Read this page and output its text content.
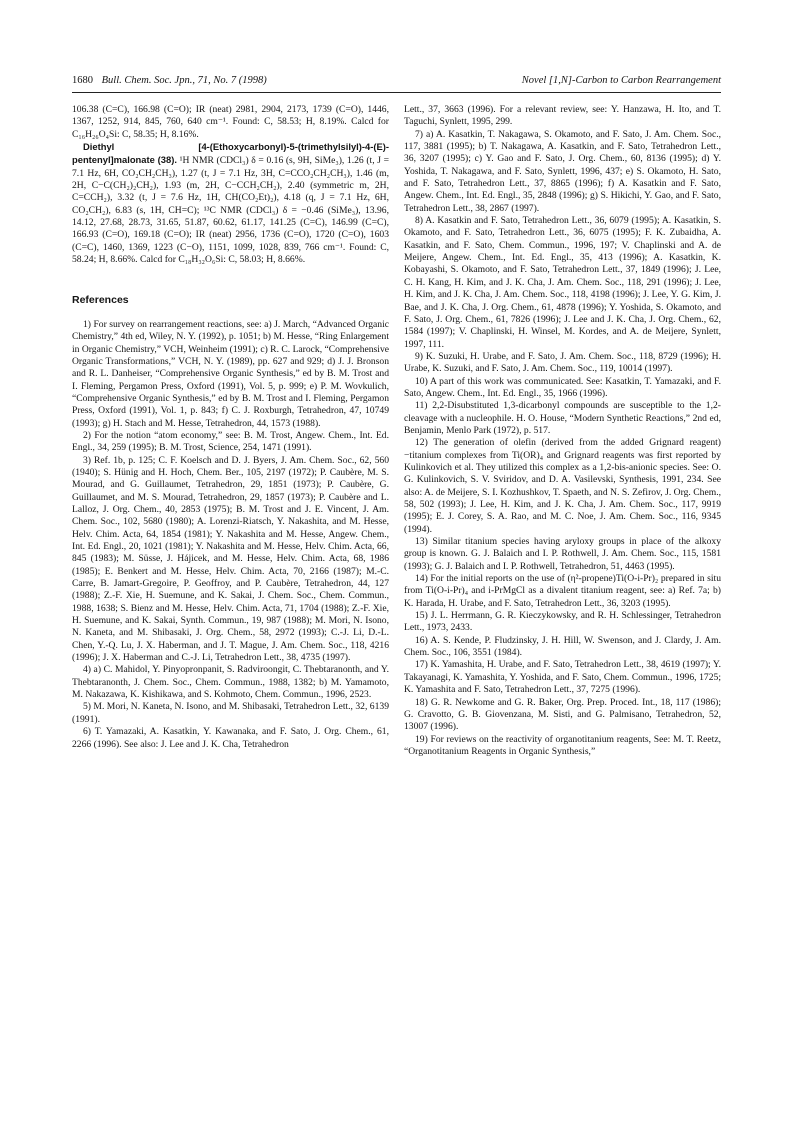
1680 Bull. Chem. Soc. Jpn., 71, No. 7 (1998)	Novel [1,N]-Carbon to Carbon Rearrangement

106.38 (C=C), 166.98 (C=O); IR (neat) 2981, 2904, 2173, 1739 (C=O), 1446, 1367, 1252, 914, 845, 760, 640 cm⁻¹. Found: C, 58.53; H, 8.19%. Calcd for C₁₆H₂₆O₄Si: C, 58.35; H, 8.16%.

Diethyl [4-(Ethoxycarbonyl)-5-(trimethylsilyl)-4-(E)-pentenyl]malonate (38). ¹H NMR (CDCl₃) δ = 0.16 (s, 9H, SiMe₃), 1.26 (t, J = 7.1 Hz, 6H, CO₂CH₂CH₃), 1.27 (t, J = 7.1 Hz, 3H, C=CCO₂CH₂CH₃), 1.46 (m, 2H, C−C(CH₂)₂CH₂), 1.93 (m, 2H, C−CCH₂CH₂), 2.40 (symmetric m, 2H, C=CCH₂), 3.32 (t, J = 7.6 Hz, 1H, CH(CO₂Et)₂), 4.18 (q, J = 7.1 Hz, 6H, CO₂CH₂), 6.83 (s, 1H, CH=C); ¹³C NMR (CDCl₃) δ = −0.46 (SiMe₃), 13.96, 14.12, 27.68, 28.73, 31.65, 51.87, 60.62, 61.17, 141.25 (C=C), 146.99 (C=C), 166.93 (C=O), 169.18 (C=O); IR (neat) 2956, 1736 (C=O), 1720 (C=O), 1603 (C=C), 1460, 1369, 1223 (C−O), 1151, 1099, 1028, 839, 766 cm⁻¹. Found: C, 58.24; H, 8.66%. Calcd for C₁₈H₃₂O₆Si: C, 58.03; H, 8.66%.

References

1) For survey on rearrangement reactions, see: a) J. March, “Advanced Organic Chemistry,” 4th ed, Wiley, N. Y. (1992), p. 1051; b) M. Hesse, “Ring Enlargement in Organic Chemistry,” VCH, Weinheim (1991); c) R. C. Larock, “Comprehensive Organic Transformations,” VCH, N. Y. (1989), pp. 627 and 929; d) J. J. Bronson and R. L. Danheiser, “Comprehensive Organic Synthesis,” ed by B. M. Trost and I. Fleming, Pergamon Press, Oxford (1991), Vol. 5, p. 999; e) P. M. Wovkulich, “Comprehensive Organic Synthesis,” ed by B. M. Trost and I. Fleming, Pergamon Press, Oxford (1991), Vol. 1, p. 843; f) C. J. Roxburgh, Tetrahedron, 47, 10749 (1993); g) H. Stach and M. Hesse, Tetrahedron, 44, 1573 (1988).

2) For the notion “atom economy,” see: B. M. Trost, Angew. Chem., Int. Ed. Engl., 34, 259 (1995); B. M. Trost, Science, 254, 1471 (1991).

3) Ref. 1b, p. 125; C. F. Koelsch and D. J. Byers, J. Am. Chem. Soc., 62, 560 (1940); S. Hünig and H. Hoch, Chem. Ber., 105, 2197 (1972); P. Caubère, M. S. Mourad, and G. Guillaumet, Tetrahedron, 29, 1851 (1973); P. Caubère, G. Guillaumet, and M. S. Mourad, Tetrahedron, 29, 1857 (1973); P. Caubère and L. Lalloz, J. Org. Chem., 40, 2853 (1975); B. M. Trost and J. E. Vincent, J. Am. Chem. Soc., 102, 5680 (1980); A. Lorenzi-Riatsch, Y. Nakashita, and M. Hesse, Helv. Chim. Acta, 64, 1854 (1981); Y. Nakashita and M. Hesse, Angew. Chem., Int. Ed. Engl., 20, 1021 (1981); Y. Nakashita and M. Hesse, Helv. Chim. Acta, 66, 845 (1983); M. Süsse, J. Hájicek, and M. Hesse, Helv. Chim. Acta, 68, 1986 (1985); E. Benkert and M. Hesse, Helv. Chim. Acta, 70, 2166 (1987); M.-C. Carre, B. Jamart-Gregoire, P. Geoffroy, and P. Caubère, Tetrahedron, 44, 127 (1988); Z.-F. Xie, H. Suemune, and K. Sakai, J. Chem. Soc., Chem. Commun., 1988, 1638; S. Bienz and M. Hesse, Helv. Chim. Acta, 71, 1704 (1988); Z.-F. Xie, H. Suemune, and K. Sakai, Synth. Commun., 19, 987 (1988); M. Mori, N. Isono, N. Kaneta, and M. Shibasaki, J. Org. Chem., 58, 2972 (1993); C.-J. Li, D.-L. Chen, Y.-Q. Lu, J. X. Haberman, and J. T. Mague, J. Am. Chem. Soc., 118, 4216 (1996); J. X. Haberman and C.-J. Li, Tetrahedron Lett., 38, 4735 (1997).

4) a) C. Mahidol, Y. Pinyopronpanit, S. Radviroongit, C. Thebtaranonth, and Y. Thebtaranonth, J. Chem. Soc., Chem. Commun., 1988, 1382; b) M. Yamamoto, M. Nakazawa, K. Kishikawa, and S. Kohmoto, Chem. Commun., 1996, 2523.

5) M. Mori, N. Kaneta, N. Isono, and M. Shibasaki, Tetrahedron Lett., 32, 6139 (1991).

6) T. Yamazaki, A. Kasatkin, Y. Kawanaka, and F. Sato, J. Org. Chem., 61, 2266 (1996). See also: J. Lee and J. K. Cha, Tetrahedron

Lett., 37, 3663 (1996). For a relevant review, see: Y. Hanzawa, H. Ito, and T. Taguchi, Synlett, 1995, 299.

7) a) A. Kasatkin, T. Nakagawa, S. Okamoto, and F. Sato, J. Am. Chem. Soc., 117, 3881 (1995); b) T. Nakagawa, A. Kasatkin, and F. Sato, Tetrahedron Lett., 36, 3207 (1995); c) Y. Gao and F. Sato, J. Org. Chem., 60, 8136 (1995); d) Y. Yoshida, T. Nakagawa, and F. Sato, Synlett, 1996, 437; e) S. Okamoto, H. Sato, and F. Sato, Tetrahedron Lett., 37, 8865 (1996); f) A. Kasatkin and F. Sato, Angew. Chem., Int. Ed. Engl., 35, 2848 (1996); g) S. Hikichi, Y. Gao, and F. Sato, Tetrahedron Lett., 38, 2867 (1997).

8) A. Kasatkin and F. Sato, Tetrahedron Lett., 36, 6079 (1995); A. Kasatkin, S. Okamoto, and F. Sato, Tetrahedron Lett., 36, 6075 (1995); F. K. Zubaidha, A. Kasatkin, and F. Sato, Chem. Commun., 1996, 197; V. Chaplinski and A. de Meijere, Angew. Chem., Int. Ed. Engl., 35, 413 (1996); A. Kasatkin, K. Kobayashi, S. Okamoto, and F. Sato, Tetrahedron Lett., 37, 1849 (1996); J. Lee, C. H. Kang, H. Kim, and J. K. Cha, J. Am. Chem. Soc., 118, 291 (1996); J. Lee, H. Kim, and J. K. Cha, J. Am. Chem. Soc., 118, 4198 (1996); J. Lee, Y. G. Kim, J. Bae, and J. K. Cha, J. Org. Chem., 61, 4878 (1996); Y. Yoshida, S. Okamoto, and F. Sato, J. Org. Chem., 61, 7826 (1996); J. Lee and J. K. Cha, J. Org. Chem., 62, 1584 (1997); V. Chaplinski, H. Winsel, M. Kordes, and A. de Meijere, Synlett, 1997, 111.

9) K. Suzuki, H. Urabe, and F. Sato, J. Am. Chem. Soc., 118, 8729 (1996); H. Urabe, K. Suzuki, and F. Sato, J. Am. Chem. Soc., 119, 10014 (1997).

10) A part of this work was communicated. See: Kasatkin, T. Yamazaki, and F. Sato, Angew. Chem., Int. Ed. Engl., 35, 1966 (1996).

11) 2,2-Disubstituted 1,3-dicarbonyl compounds are susceptible to the 1,2-cleavage with a nucleophile. H. O. House, “Modern Synthetic Reactions,” 2nd ed, Benjamin, Menlo Park (1972), p. 517.

12) The generation of olefin (derived from the added Grignard reagent)−titanium complexes from Ti(OR)₄ and Grignard reagents was first reported by Kulinkovich et al. They utilized this complex as a 1,2-bis-anionic species. See: O. G. Kulinkovich, S. V. Sviridov, and D. A. Vasilevski, Synthesis, 1991, 234. See also: A. de Meijere, S. I. Kozhushkov, T. Spaeth, and N. S. Zefirov, J. Org. Chem., 58, 502 (1993); J. Lee, H. Kim, and J. K. Cha, J. Am. Chem. Soc., 117, 9919 (1995); E. J. Corey, S. A. Rao, and M. C. Noe, J. Am. Chem. Soc., 116, 9345 (1994).

13) Similar titanium species having aryloxy groups in place of the alkoxy group is known. G. J. Balaich and I. P. Rothwell, J. Am. Chem. Soc., 115, 1581 (1993); G. J. Balaich and I. P. Rothwell, Tetrahedron, 51, 4463 (1995).

14) For the initial reports on the use of (η²-propene)Ti(O-i-Pr)₂ prepared in situ from Ti(O-i-Pr)₄ and i-PrMgCl as a divalent titanium reagent, see: a) Ref. 7a; b) K. Harada, H. Urabe, and F. Sato, Tetrahedron Lett., 36, 3203 (1995).

15) J. L. Herrmann, G. R. Kieczykowsky, and R. H. Schlessinger, Tetrahedron Lett., 1973, 2433.

16) A. S. Kende, P. Fludzinsky, J. H. Hill, W. Swenson, and J. Clardy, J. Am. Chem. Soc., 106, 3551 (1984).

17) K. Yamashita, H. Urabe, and F. Sato, Tetrahedron Lett., 38, 4619 (1997); Y. Takayanagi, K. Yamashita, Y. Yoshida, and F. Sato, Chem. Commun., 1996, 1725; K. Yamashita and F. Sato, Tetrahedron Lett., 37, 7275 (1996).

18) G. R. Newkome and G. R. Baker, Org. Prep. Proced. Int., 18, 117 (1986); G. Cravotto, G. B. Giovenzana, M. Sisti, and G. Palmisano, Tetrahedron, 52, 13007 (1996).

19) For reviews on the reactivity of organotitanium reagents, See: M. T. Reetz, “Organotitanium Reagents in Organic Synthesis,”
